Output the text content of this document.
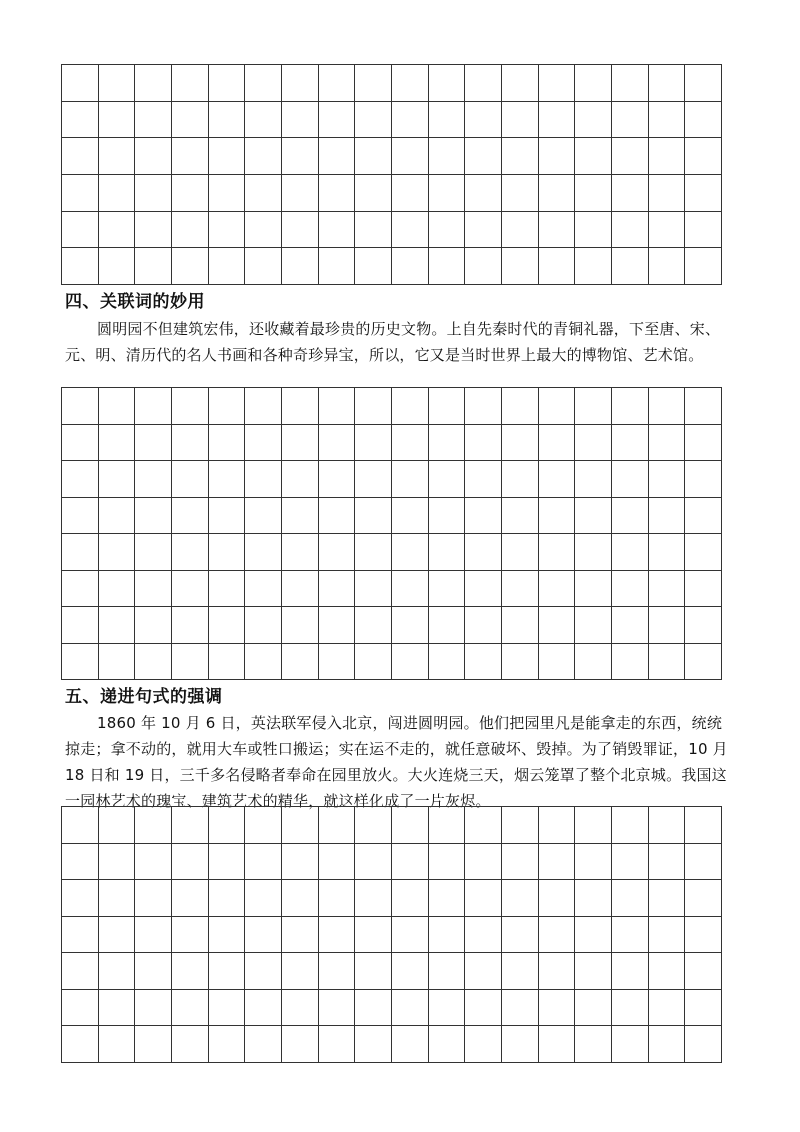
四、关联词的妙用

圆明园不但建筑宏伟，还收藏着最珍贵的历史文物。上自先秦时代的青铜礼器，下至唐、宋、元、明、清历代的名人书画和各种奇珍异宝，所以，它又是当时世界上最大的博物馆、艺术馆。

五、递进句式的强调

1860 年 10 月 6 日，英法联军侵入北京，闯进圆明园。他们把园里凡是能拿走的东西，统统掠走；拿不动的，就用大车或牲口搬运；实在运不走的，就任意破坏、毁掉。为了销毁罪证，10 月 18 日和 19 日，三千多名侵略者奉命在园里放火。大火连烧三天，烟云笼罩了整个北京城。我国这一园林艺术的瑰宝、建筑艺术的精华，就这样化成了一片灰烬。
